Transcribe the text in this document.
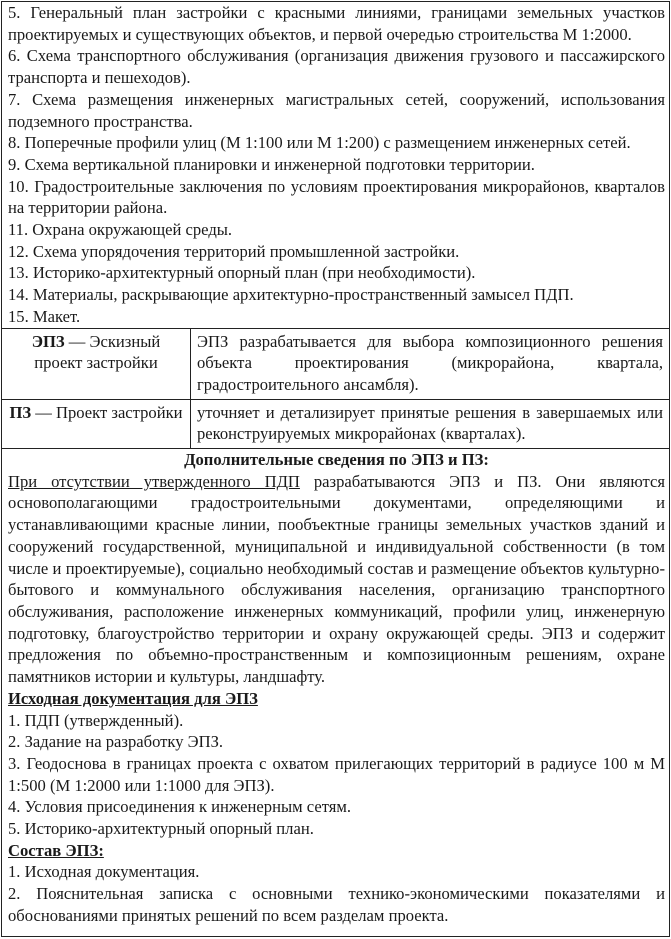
5. Генеральный план застройки с красными линиями, границами земельных участков проектируемых и существующих объектов, и первой очередью строительства М 1:2000.

6. Схема транспортного обслуживания (организация движения грузового и пассажирского транспорта и пешеходов).

7. Схема размещения инженерных магистральных сетей, сооружений, использования подземного пространства.

8. Поперечные профили улиц (М 1:100 или М 1:200) с размещением инженерных сетей.

9. Схема вертикальной планировки и инженерной подготовки территории.

10. Градостроительные заключения по условиям проектирования микрорайонов, кварталов на территории района.

11. Охрана окружающей среды.

12. Схема упорядочения территорий промышленной застройки.

13. Историко-архитектурный опорный план (при необходимости).

14. Материалы, раскрывающие архитектурно-пространственный замысел ПДП.

15. Макет.

ЭПЗ — Эскизный проект застройки	ЭПЗ разрабатывается для выбора композиционного решения объекта проектирования (микрорайона, квартала, градостроительного ансамбля).
ПЗ — Проект застройки	уточняет и детализирует принятые решения в завершаемых или реконструируемых микрорайонах (кварталах).

Дополнительные сведения по ЭПЗ и ПЗ:

При отсутствии утвержденного ПДП разрабатываются ЭПЗ и ПЗ. Они являются основополагающими градостроительными документами, определяющими и устанавливающими красные линии, пообъектные границы земельных участков зданий и сооружений государственной, муниципальной и индивидуальной собственности (в том числе и проектируемые), социально необходимый состав и размещение объектов культурно-бытового и коммунального обслуживания населения, организацию транспортного обслуживания, расположение инженерных коммуникаций, профили улиц, инженерную подготовку, благоустройство территории и охрану окружающей среды. ЭПЗ и содержит предложения по объемно-пространственным и композиционным решениям, охране памятников истории и культуры, ландшафту.

Исходная документация для ЭПЗ

1. ПДП (утвержденный).

2. Задание на разработку ЭПЗ.

3. Геодоснова в границах проекта с охватом прилегающих территорий в радиусе 100 м М 1:500 (М 1:2000 или 1:1000 для ЭПЗ).

4. Условия присоединения к инженерным сетям.

5. Историко-архитектурный опорный план.

Состав ЭПЗ:

1. Исходная документация.

2. Пояснительная записка с основными технико-экономическими показателями и обоснованиями принятых решений по всем разделам проекта.
